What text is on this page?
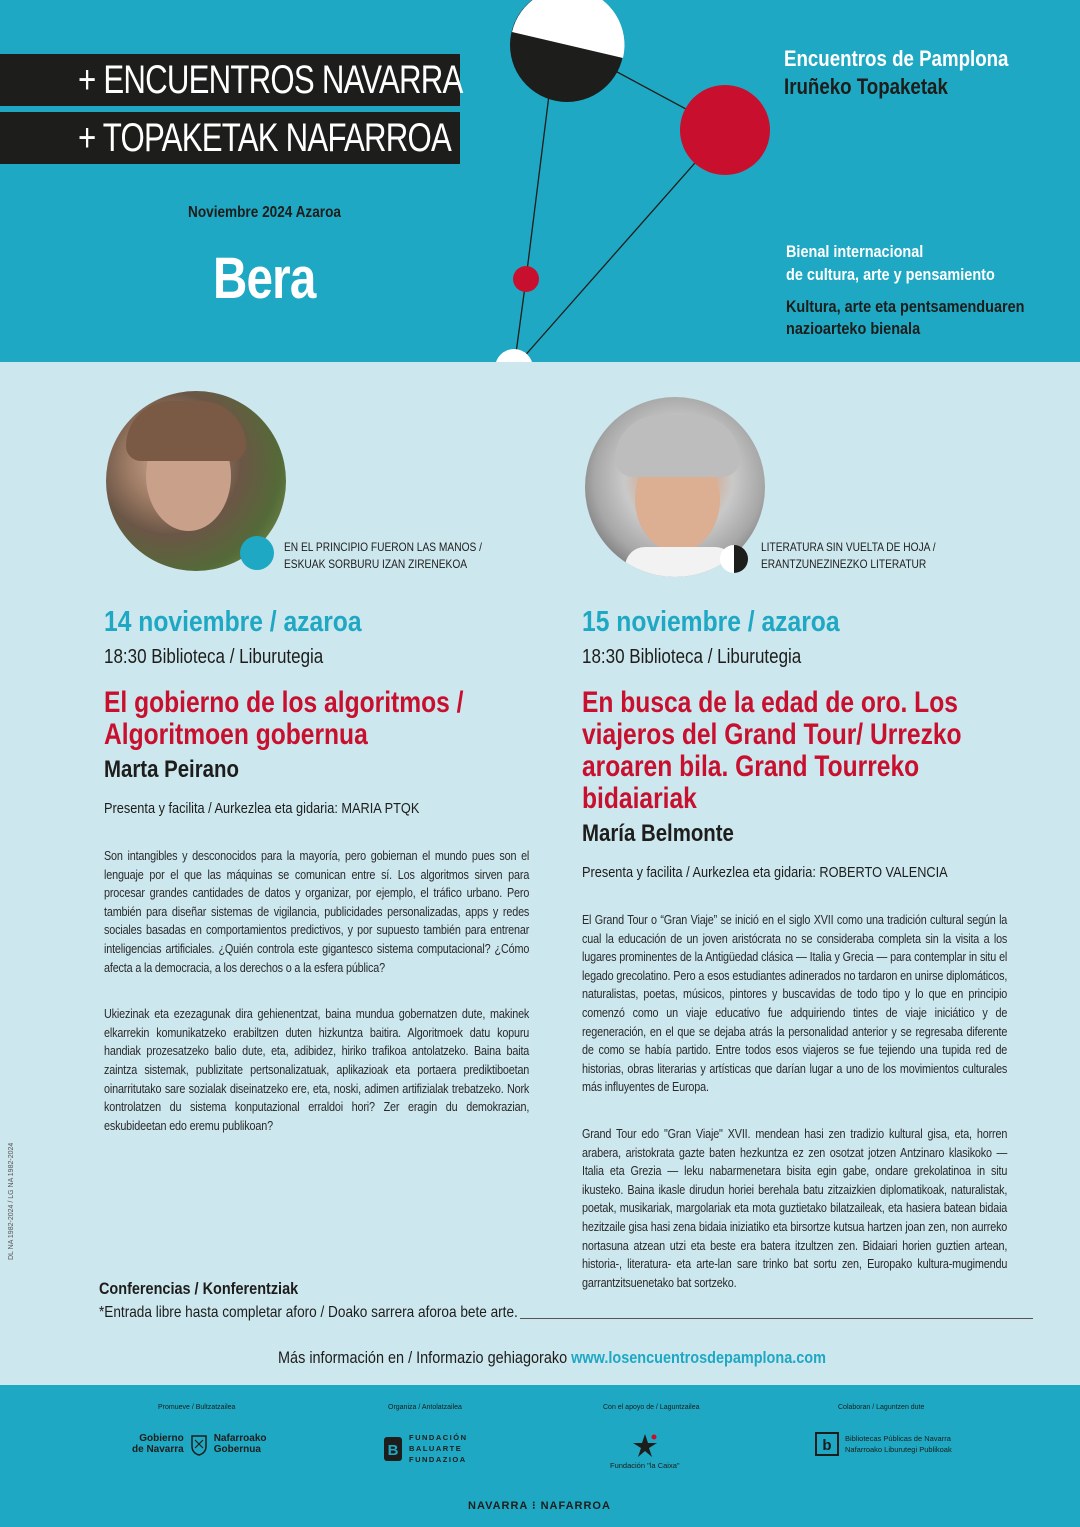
+ ENCUENTROS NAVARRA
+ TOPAKETAK NAFARROA
Noviembre 2024 Azaroa
Bera
Encuentros de Pamplona
Iruñeko Topaketak
Bienal internacional
de cultura, arte y pensamiento
Kultura, arte eta pentsamenduaren
nazioarteko bienala
EN EL PRINCIPIO FUERON LAS MANOS /
ESKUAK SORBURU IZAN ZIRENEKOA
LITERATURA SIN VUELTA DE HOJA /
ERANTZUNEZINEZKO LITERATUR
14 noviembre / azaroa
18:30 Biblioteca / Liburutegia
El gobierno de los algoritmos / Algoritmoen gobernua
Marta Peirano
Presenta y facilita / Aurkezlea eta gidaria: MARIA PTQK
Son intangibles y desconocidos para la mayoría, pero gobiernan el mundo pues son el lenguaje por el que las máquinas se comunican entre sí. Los algoritmos sirven para procesar grandes cantidades de datos y organizar, por ejemplo, el tráfico urbano. Pero también para diseñar sistemas de vigilancia, publicidades personalizadas, apps y redes sociales basadas en comportamientos predictivos, y por supuesto también para entrenar inteligencias artificiales. ¿Quién controla este gigantesco sistema computacional? ¿Cómo afecta a la democracia, a los derechos o a la esfera pública?
Ukiezinak eta ezezagunak dira gehienentzat, baina mundua gobernatzen dute, makinek elkarrekin komunikatzeko erabiltzen duten hizkuntza baitira. Algoritmoek datu kopuru handiak prozesatzeko balio dute, eta, adibidez, hiriko trafikoa antolatzeko. Baina baita zaintza sistemak, publizitate pertsonalizatuak, aplikazioak eta portaera prediktiboetan oinarritutako sare sozialak diseinatzeko ere, eta, noski, adimen artifizialak trebatzeko. Nork kontrolatzen du sistema konputazional erraldoi hori? Zer eragin du demokrazian, eskubideetan edo eremu publikoan?
15 noviembre / azaroa
18:30 Biblioteca / Liburutegia
En busca de la edad de oro. Los viajeros del Grand Tour/ Urrezko aroaren bila. Grand Tourreko bidaiariak
María Belmonte
Presenta y facilita / Aurkezlea eta gidaria: ROBERTO VALENCIA
El Grand Tour o “Gran Viaje” se inició en el siglo XVII como una tradición cultural según la cual la educación de un joven aristócrata no se consideraba completa sin la visita a los lugares prominentes de la Antigüedad clásica — Italia y Grecia — para contemplar in situ el legado grecolatino. Pero a esos estudiantes adinerados no tardaron en unirse diplomáticos, naturalistas, poetas, músicos, pintores y buscavidas de todo tipo y lo que en principio comenzó como un viaje educativo fue adquiriendo tintes de viaje iniciático y de regeneración, en el que se dejaba atrás la personalidad anterior y se regresaba diferente de como se había partido. Entre todos esos viajeros se fue tejiendo una tupida red de historias, obras literarias y artísticas que darían lugar a uno de los movimientos culturales más influyentes de Europa.
Grand Tour edo "Gran Viaje" XVII. mendean hasi zen tradizio kultural gisa, eta, horren arabera, aristokrata gazte baten hezkuntza ez zen osotzat jotzen Antzinaro klasikoko — Italia eta Grezia — leku nabarmenetara bisita egin gabe, ondare grekolatinoa in situ ikusteko. Baina ikasle dirudun horiei berehala batu zitzaizkien diplomatikoak, naturalistak, poetak, musikariak, margolariak eta mota guztietako bilatzaileak, eta hasiera batean bidaia hezitzaile gisa hasi zena bidaia iniziatiko eta birsortze kutsua hartzen joan zen, non aurreko nortasuna atzean utzi eta beste era batera itzultzen zen. Bidaiari horien guztien artean, historia-, literatura- eta arte-lan sare trinko bat sortu zen, Europako kultura-mugimendu garrantzitsuenetako bat sortzeko.
DL NA 1982-2024 / LG NA 1982-2024
Conferencias / Konferentziak
*Entrada libre hasta completar aforo / Doako sarrera aforoa bete arte.
Más información en / Informazio gehiagorako www.losencuentrosdepamplona.com
Promueve / Bultzatzailea
Gobierno
de Navarra
Nafarroako
Gobernua
Organiza / Antolatzailea
B
FUNDACIÓN
BALUARTE
FUNDAZIOA
Con el apoyo de / Laguntzailea
Fundación "la Caixa"
Colaboran / Laguntzen dute
b Bibliotecas Públicas de Navarra
Nafarroako Liburutegi Publikoak
NAVARRA ⁝ NAFARROA
